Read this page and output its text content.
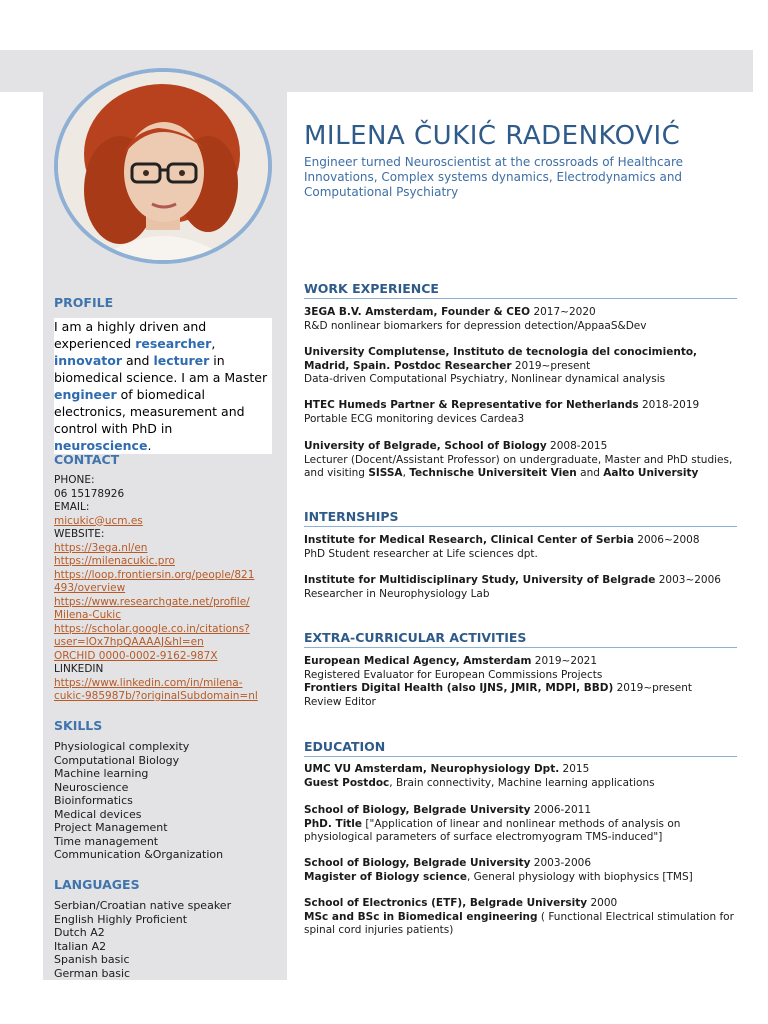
MILENA ČUKIĆ RADENKOVIĆ
Engineer turned Neuroscientist at the crossroads of Healthcare Innovations, Complex systems dynamics, Electrodynamics and Computational Psychiatry
PROFILE
I am a highly driven and experienced researcher, innovator and lecturer in biomedical science. I am a Master engineer of biomedical electronics, measurement and control with PhD in neuroscience.
CONTACT
PHONE:
06 15178926
EMAIL:
micukic@ucm.es
WEBSITE:
https://3ega.nl/en
https://milenacukic.pro
https://loop.frontiersin.org/people/821
493/overview
https://www.researchgate.net/profile/
Milena-Cukic
https://scholar.google.co.in/citations?
user=lOx7hpQAAAAJ&hl=en
ORCHID 0000-0002-9162-987X
LINKEDIN
https://www.linkedin.com/in/milena-
cukic-985987b/?originalSubdomain=nl
SKILLS
Physiological complexity
Computational Biology
Machine learning
Neuroscience
Bioinformatics
Medical devices
Project Management
Time management
Communication &Organization
LANGUAGES
Serbian/Croatian native speaker
English Highly Proficient
Dutch A2
Italian A2
Spanish basic
German basic
WORK EXPERIENCE
3EGA B.V. Amsterdam, Founder & CEO 2017~2020
R&D nonlinear biomarkers for depression detection/AppaaS&Dev
University Complutense, Instituto de tecnologia del conocimiento, Madrid, Spain. Postdoc Researcher 2019~present
Data-driven Computational Psychiatry, Nonlinear dynamical analysis
HTEC Humeds Partner & Representative for Netherlands 2018-2019
Portable ECG monitoring devices Cardea3
University of Belgrade, School of Biology 2008-2015
Lecturer (Docent/Assistant Professor) on undergraduate, Master and PhD studies, and visiting SISSA, Technische Universiteit Vien and Aalto University
INTERNSHIPS
Institute for Medical Research, Clinical Center of Serbia 2006~2008
PhD Student researcher at Life sciences dpt.
Institute for Multidisciplinary Study, University of Belgrade 2003~2006
Researcher in Neurophysiology Lab
EXTRA-CURRICULAR ACTIVITIES
European Medical Agency, Amsterdam 2019~2021
Registered Evaluator for European Commissions Projects
Frontiers Digital Health (also IJNS, JMIR, MDPI, BBD) 2019~present
Review Editor
EDUCATION
UMC VU Amsterdam, Neurophysiology Dpt. 2015
Guest Postdoc, Brain connectivity, Machine learning applications
School of Biology, Belgrade University 2006-2011
PhD. Title ["Application of linear and nonlinear methods of analysis on physiological parameters of surface electromyogram TMS-induced"]
School of Biology, Belgrade University 2003-2006
Magister of Biology science, General physiology with biophysics [TMS]
School of Electronics (ETF), Belgrade University 2000
MSc and BSc in Biomedical engineering ( Functional Electrical stimulation for spinal cord injuries patients)
